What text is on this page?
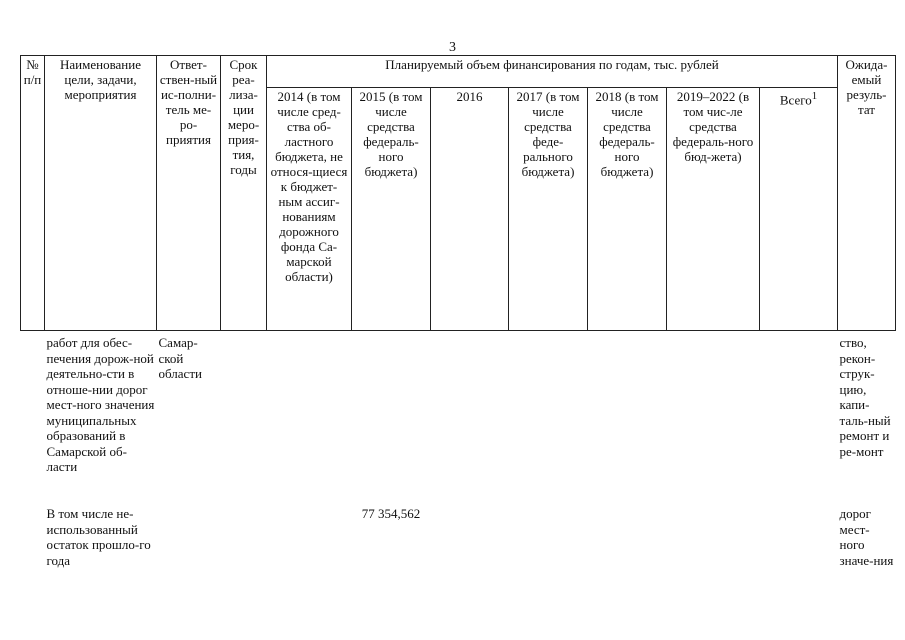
3
№ п/п	Наименование цели, задачи, мероприятия	Ответ-ствен-ный ис-полни-тель ме-ро-приятия	Срок реа-лиза-ции меро-прия-тия, годы	Планируемый объем финансирования по годам, тыс. рублей							Ожида-емый резуль-тат
				2014 (в том числе сред-ства об-ластного бюджета, не относя-щиеся к бюджет-ным ассиг-нованиям дорожного фонда Са-марской области)	2015 (в том числе средства федераль-ного бюджета)	2016	2017 (в том числе средства феде-рального бюджета)	2018 (в том числе средства федераль-ного бюджета)	2019–2022 (в том чис-ле средства федераль-ного бюд-жета)	Всего$^1$
	работ для обес-печения дорож-ной деятельно-сти в отноше-нии дорог мест-ного значения муниципальных образований в Самарской об-ласти	Самар-ской области									ство, рекон-струк-цию, капи-таль-ный ремонт и ре-монт
	В том числе не-использованный остаток прошло-го года				77 354,562						дорог мест-ного значе-ния
